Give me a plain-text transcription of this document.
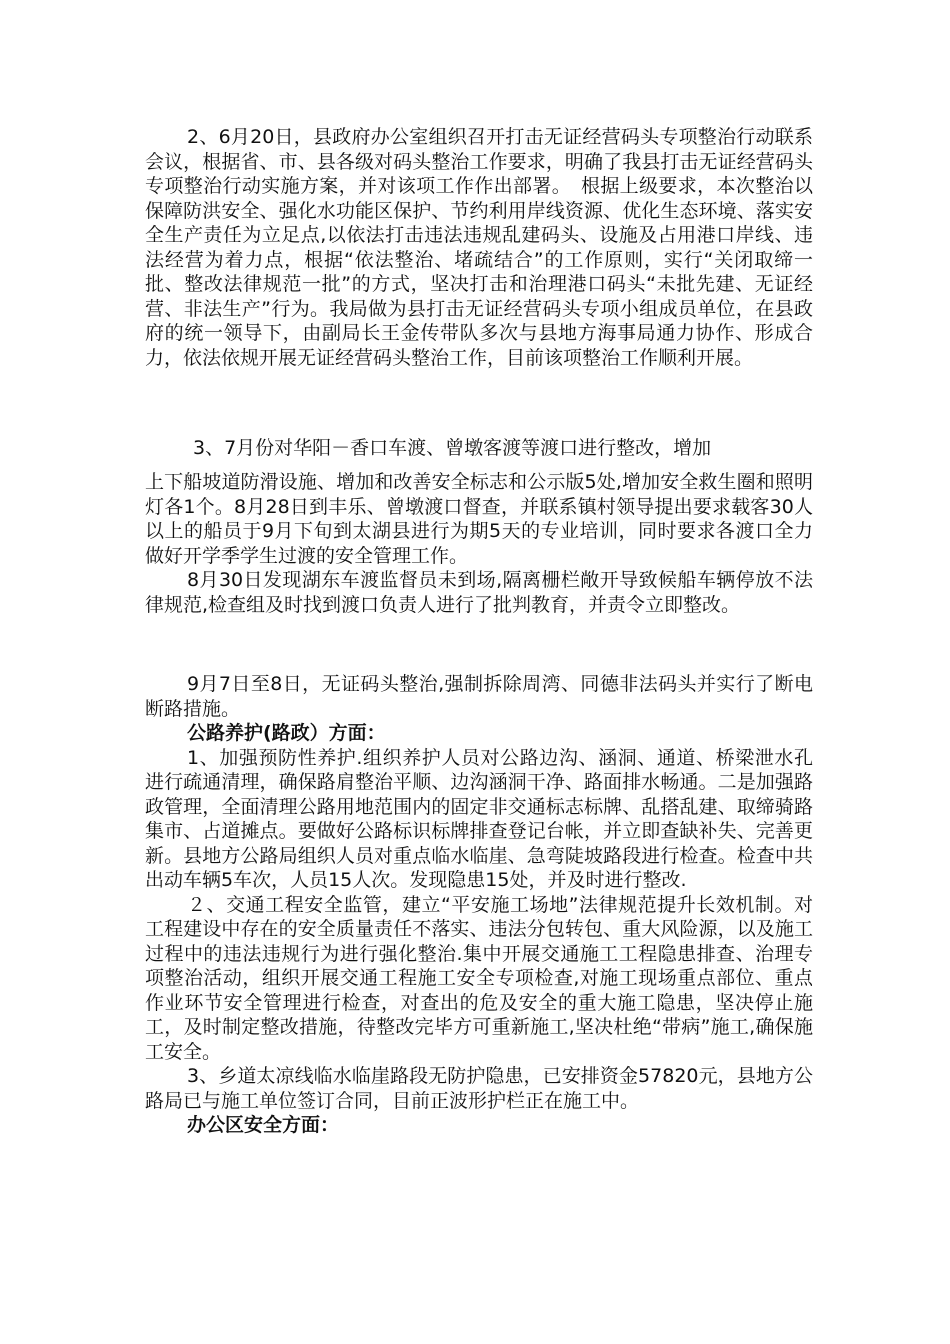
2、6月20日，县政府办公室组织召开打击无证经营码头专项整治行动联系会议，根据省、市、县各级对码头整治工作要求，明确了我县打击无证经营码头专项整治行动实施方案，并对该项工作作出部署。　根据上级要求，本次整治以保障防洪安全、强化水功能区保护、节约利用岸线资源、优化生态环境、落实安全生产责任为立足点,以依法打击违法违规乱建码头、设施及占用港口岸线、违法经营为着力点，根据“依法整治、堵疏结合”的工作原则，实行“关闭取缔一批、整改法律规范一批”的方式，坚决打击和治理港口码头“未批先建、无证经营、非法生产”行为。我局做为县打击无证经营码头专项小组成员单位，在县政府的统一领导下，由副局长王金传带队多次与县地方海事局通力协作、形成合力，依法依规开展无证经营码头整治工作，目前该项整治工作顺利开展。

3、7月份对华阳－香口车渡、曾墩客渡等渡口进行整改，增加

上下船坡道防滑设施、增加和改善安全标志和公示版5处,增加安全救生圈和照明灯各1个。8月28日到丰乐、曾墩渡口督查，并联系镇村领导提出要求载客30人以上的船员于9月下旬到太湖县进行为期5天的专业培训，同时要求各渡口全力做好开学季学生过渡的安全管理工作。

8月30日发现湖东车渡监督员未到场,隔离栅栏敞开导致候船车辆停放不法律规范,检查组及时找到渡口负责人进行了批判教育，并责令立即整改。

9月7日至8日，无证码头整治,强制拆除周湾、同德非法码头并实行了断电断路措施。

公路养护(路政）方面：

1、加强预防性养护.组织养护人员对公路边沟、涵洞、通道、桥梁泄水孔进行疏通清理，确保路肩整治平顺、边沟涵洞干净、路面排水畅通。二是加强路政管理，全面清理公路用地范围内的固定非交通标志标牌、乱搭乱建、取缔骑路集市、占道摊点。要做好公路标识标牌排查登记台帐，并立即查缺补失、完善更新。县地方公路局组织人员对重点临水临崖、急弯陡坡路段进行检查。检查中共出动车辆5车次，人员15人次。发现隐患15处，并及时进行整改.

２、交通工程安全监管，建立“平安施工场地”法律规范提升长效机制。对工程建设中存在的安全质量责任不落实、违法分包转包、重大风险源，以及施工过程中的违法违规行为进行强化整治.集中开展交通施工工程隐患排查、治理专项整治活动，组织开展交通工程施工安全专项检查,对施工现场重点部位、重点作业环节安全管理进行检查，对查出的危及安全的重大施工隐患，坚决停止施工，及时制定整改措施，待整改完毕方可重新施工,坚决杜绝“带病”施工,确保施工安全。

3、乡道太凉线临水临崖路段无防护隐患，已安排资金57820元，县地方公路局已与施工单位签订合同，目前正波形护栏正在施工中。

办公区安全方面：
